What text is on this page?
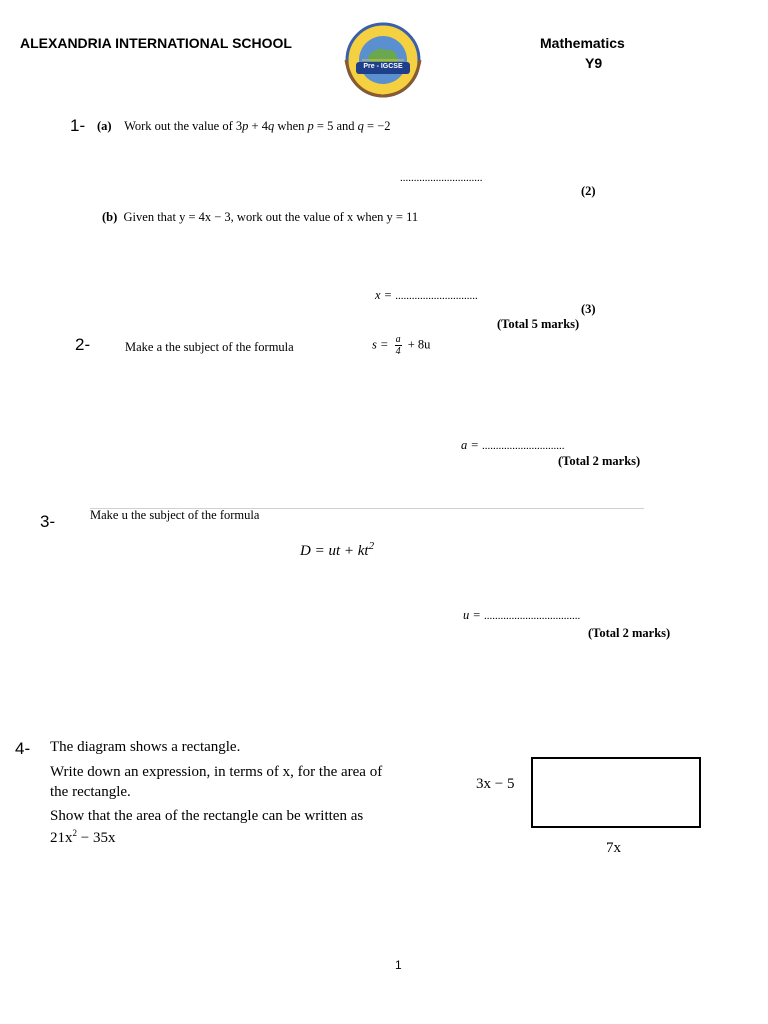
ALEXANDRIA INTERNATIONAL SCHOOL	Mathematics
Y9
Pre - IGCSE
1- (a) Work out the value of 3p + 4q when p = 5 and q = −2
..............................
(2)
(b) Given that y = 4x − 3, work out the value of x when y = 11
x = ..............................
(3)
(Total 5 marks)
2-	Make a the subject of the formula	$s = \frac{a}{4} + 8u$
a = ..............................
(Total 2 marks)
3-	Make u the subject of the formula
D = ut + $kt^2$
u = ...................................
(Total 2 marks)
4- The diagram shows a rectangle.
Write down an expression, in terms of x, for the area of
the rectangle.
Show that the area of the rectangle can be written as
$21x^2 - 35x$
3x − 5
7x
1
